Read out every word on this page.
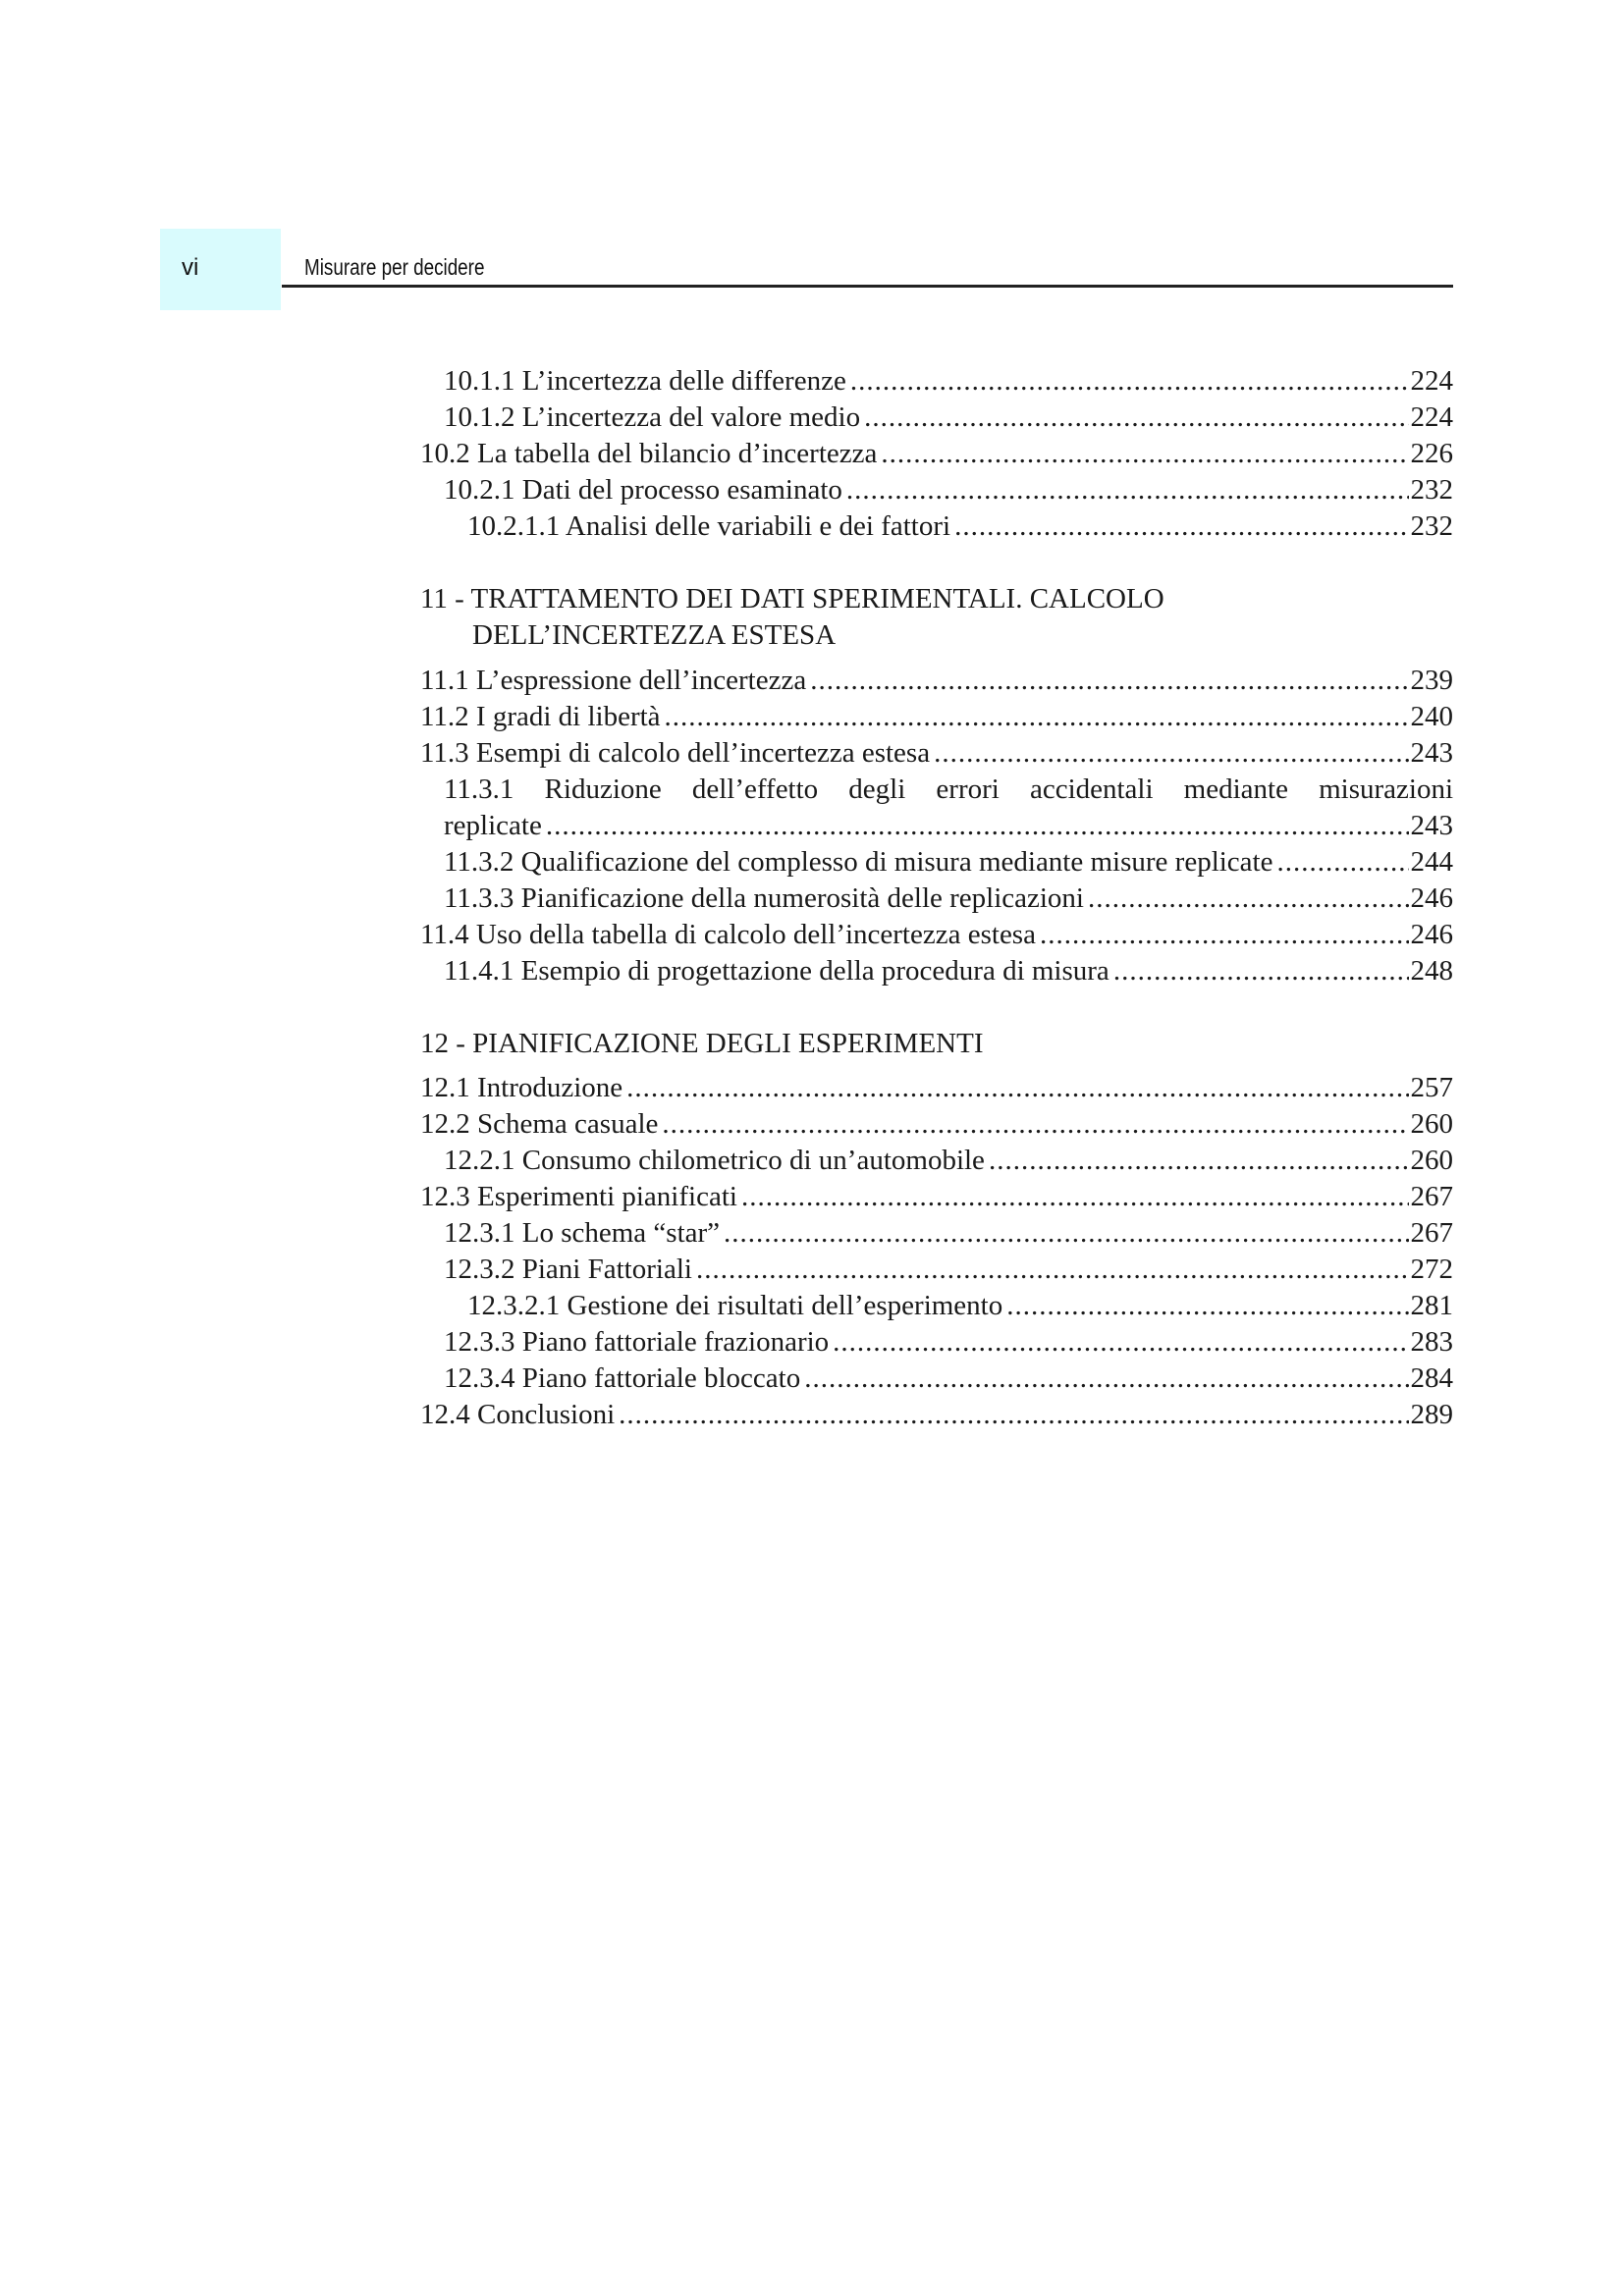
vi	Misurare per decidere
10.1.1 L’incertezza delle differenze .....	224
10.1.2 L’incertezza del valore medio .....	224
10.2 La tabella del bilancio d’incertezza .....	226
10.2.1 Dati del processo esaminato .....	232
10.2.1.1 Analisi delle variabili e dei fattori .....	232
11 - TRATTAMENTO DEI DATI SPERIMENTALI. CALCOLO
DELL’INCERTEZZA ESTESA
11.1 L’espressione dell’incertezza .....	239
11.2 I gradi di libertà .....	240
11.3 Esempi di calcolo dell’incertezza estesa .....	243
11.3.1 Riduzione dell’effetto degli errori accidentali mediante misurazioni
replicate .....	243
11.3.2 Qualificazione del complesso di misura mediante misure replicate .....	244
11.3.3 Pianificazione della numerosità delle replicazioni .....	246
11.4 Uso della tabella di calcolo dell’incertezza estesa .....	246
11.4.1 Esempio di progettazione della procedura di misura .....	248
12 - PIANIFICAZIONE DEGLI ESPERIMENTI
12.1 Introduzione .....	257
12.2 Schema casuale .....	260
12.2.1 Consumo chilometrico di un’automobile .....	260
12.3 Esperimenti pianificati .....	267
12.3.1 Lo schema “star” .....	267
12.3.2 Piani Fattoriali .....	272
12.3.2.1 Gestione dei risultati dell’esperimento .....	281
12.3.3 Piano fattoriale frazionario .....	283
12.3.4 Piano fattoriale bloccato .....	284
12.4 Conclusioni .....	289
